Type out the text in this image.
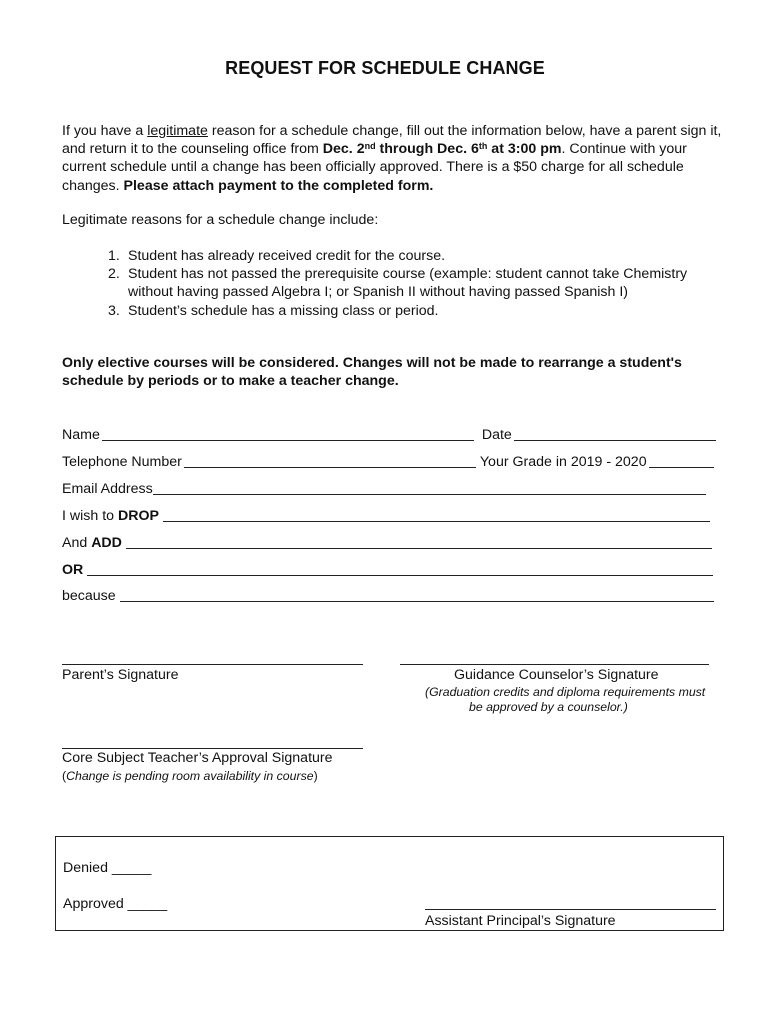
REQUEST FOR SCHEDULE CHANGE
If you have a legitimate reason for a schedule change, fill out the information below, have a parent sign it, and return it to the counseling office from Dec. 2nd through Dec. 6th at 3:00 pm. Continue with your current schedule until a change has been officially approved. There is a $50 charge for all schedule changes. Please attach payment to the completed form.
Legitimate reasons for a schedule change include:
1. Student has already received credit for the course.
2. Student has not passed the prerequisite course (example: student cannot take Chemistry without having passed Algebra I; or Spanish II without having passed Spanish I)
3. Student’s schedule has a missing class or period.
Only elective courses will be considered. Changes will not be made to rearrange a student's schedule by periods or to make a teacher change.
Name	Date
Telephone Number	Your Grade in 2019 - 2020
Email Address
I wish to DROP
And ADD
OR
because
Parent’s Signature	Guidance Counselor’s Signature
(Graduation credits and diploma requirements must
be approved by a counselor.)
Core Subject Teacher’s Approval Signature
(Change is pending room availability in course)
Denied _____
Approved _____
Assistant Principal’s Signature
